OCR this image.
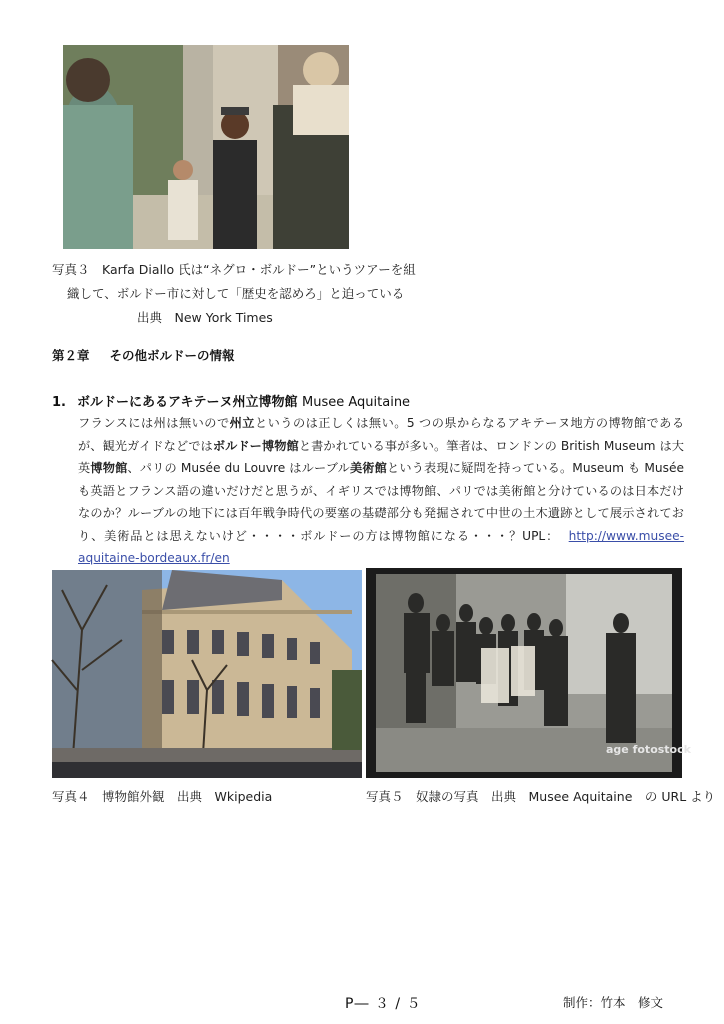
写真３　Karfa Diallo 氏は“ネグロ・ボルドー”というツアーを組
織して、ボルドー市に対して「歴史を認めろ」と迫っている
出典　New York Times
第２章 その他ボルドーの情報
1. ボルドーにあるアキテーヌ州立博物館 Musee Aquitaine
フランスには州は無いので州立というのは正しくは無い。5 つの県からなるアキテーヌ地方の博物館であるが、観光ガイドなどではボルドー博物館と書かれている事が多い。筆者は、ロンドンの British Museum は大英博物館、パリの Musée du Louvre はルーブル美術館という表現に疑問を持っている。Museum も Musée も英語とフランス語の違いだけだと思うが、イギリスでは博物館、パリでは美術館と分けているのは日本だけなのか？ルーブルの地下には百年戦争時代の要塞の基礎部分も発掘されて中世の土木遺跡として展示されており、美術品とは思えないけど・・・・ボルドーの方は博物館になる・・・？UPL： http://www.musee-aquitaine-bordeaux.fr/en
age fotostock
写真４　博物館外観　出典　Wkipedia	写真５　奴隷の写真　出典　Musee Aquitaine　の URL より
P― ３ / ５	制作：竹本　修文
